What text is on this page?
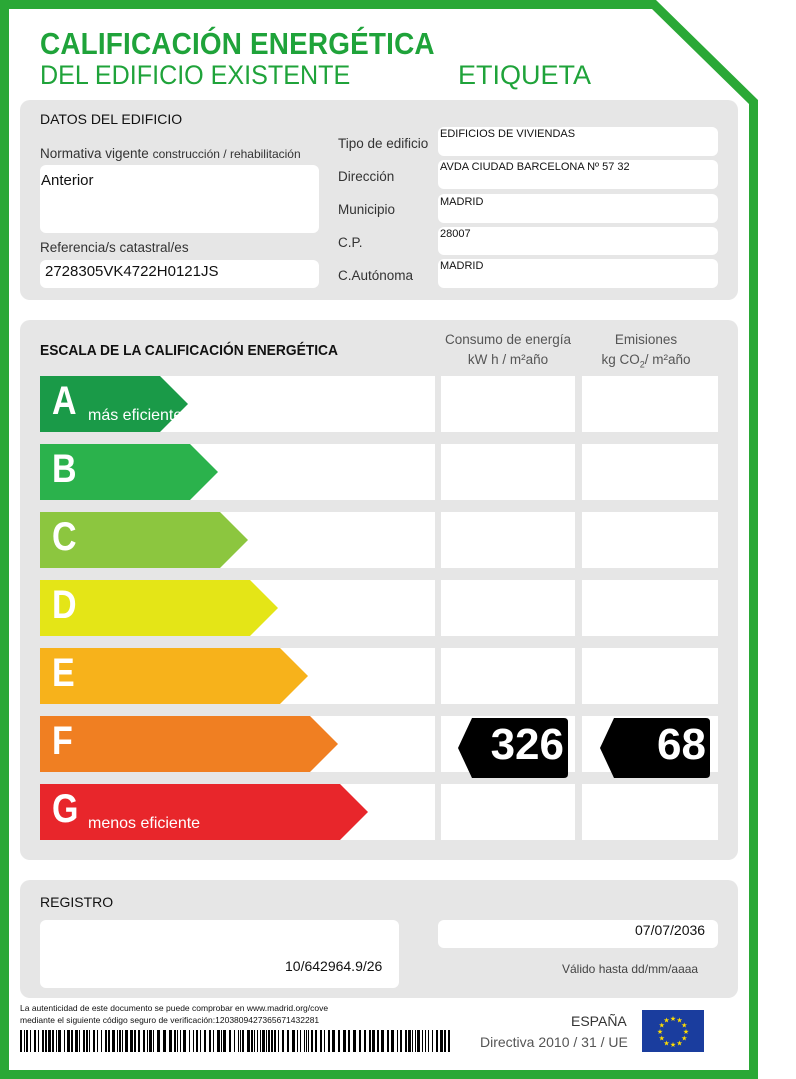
CALIFICACIÓN ENERGÉTICA
DEL EDIFICIO EXISTENTE	ETIQUETA
DATOS DEL EDIFICIO
Normativa vigente construcción / rehabilitación
Anterior
Referencia/s catastral/es
2728305VK4722H0121JS
Tipo de edificio
EDIFICIOS DE VIVIENDAS
Dirección
AVDA CIUDAD BARCELONA Nº 57 32
Municipio	MADRID
C.P.
28007
C.Autónoma
MADRID
ESCALA DE LA CALIFICACIÓN ENERGÉTICA
Consumo de energía
kW h / m²año
Emisiones
kg $CO_2/$ m²año
A más eficiente
B
C
D
E
F	326	68
G menos eficiente
REGISTRO
10/642964.9/26
07/07/2036
Válido hasta dd/mm/aaaa
La autenticidad de este documento se puede comprobar en www.madrid.org/cove
mediante el siguiente código seguro de verificación:1203809427365671432281	ESPAÑA
Directiva 2010 / 31 / UE
★
★
★
★
★
★
★
★
★ ★ ★
★
